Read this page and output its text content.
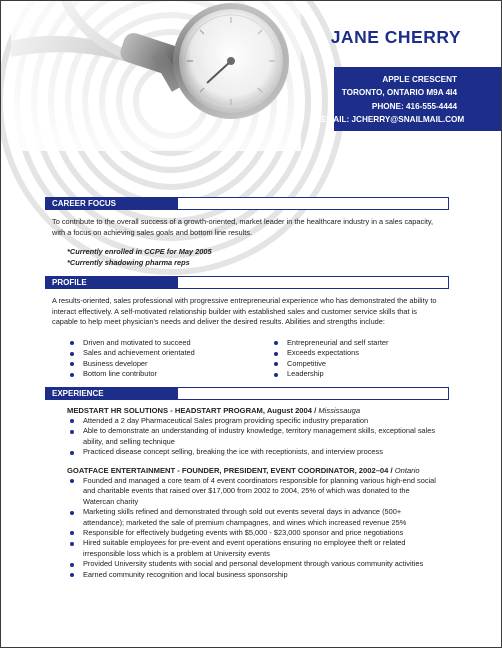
JANE CHERRY
APPLE CRESCENT
TORONTO, ONTARIO M9A 4I4
PHONE: 416-555-4444
EMAIL: JCHERRY@SNAILMAIL.COM
CAREER FOCUS
To contribute to the overall success of a growth-oriented, market leader in the healthcare industry in a sales capacity,
with a focus on achieving sales goals and bottom line results.
*Currently enrolled in CCPE for May 2005
*Currently shadowing pharma reps
PROFILE
A results-oriented, sales professional with progressive entrepreneurial experience who has demonstrated the ability to
interact effectively. A self-motivated relationship builder with established sales and customer service skills that is
capable to help meet physician's needs and deliver the desired results. Abilities and strengths include:
Driven and motivated to succeed
Sales and achievement orientated
Business developer
Bottom line contributor
Entrepreneurial and self starter
Exceeds expectations
Competitive
Leadership
EXPERIENCE
MEDSTART HR SOLUTIONS - HEADSTART PROGRAM, August 2004 / Mississauga
Attended a 2 day Pharmaceutical Sales program providing specific industry preparation
Able to demonstrate an understanding of industry knowledge, territory management skills, exceptional sales
ability, and selling technique
Practiced disease concept selling, breaking the ice with receptionists, and interview process
GOATFACE ENTERTAINMENT - FOUNDER, PRESIDENT, EVENT COORDINATOR, 2002–04 / Ontario
Founded and managed a core team of 4 event coordinators responsible for planning various high-end social
and charitable events that raised over $17,000 from 2002 to 2004, 25% of which was donated to the
Watercan charity
Marketing skills refined and demonstrated through sold out events several days in advance (500+
attendance); marketed the sale of premium champagnes, and wines which increased revenue 25%
Responsible for effectively budgeting events with $5,000 - $23,000 sponsor and price negotiations
Hired suitable employees for pre-event and event operations ensuring no employee theft or related
irresponsible loss which is a problem at University events
Provided University students with social and personal development through various community activities
Earned community recognition and local business sponsorship
